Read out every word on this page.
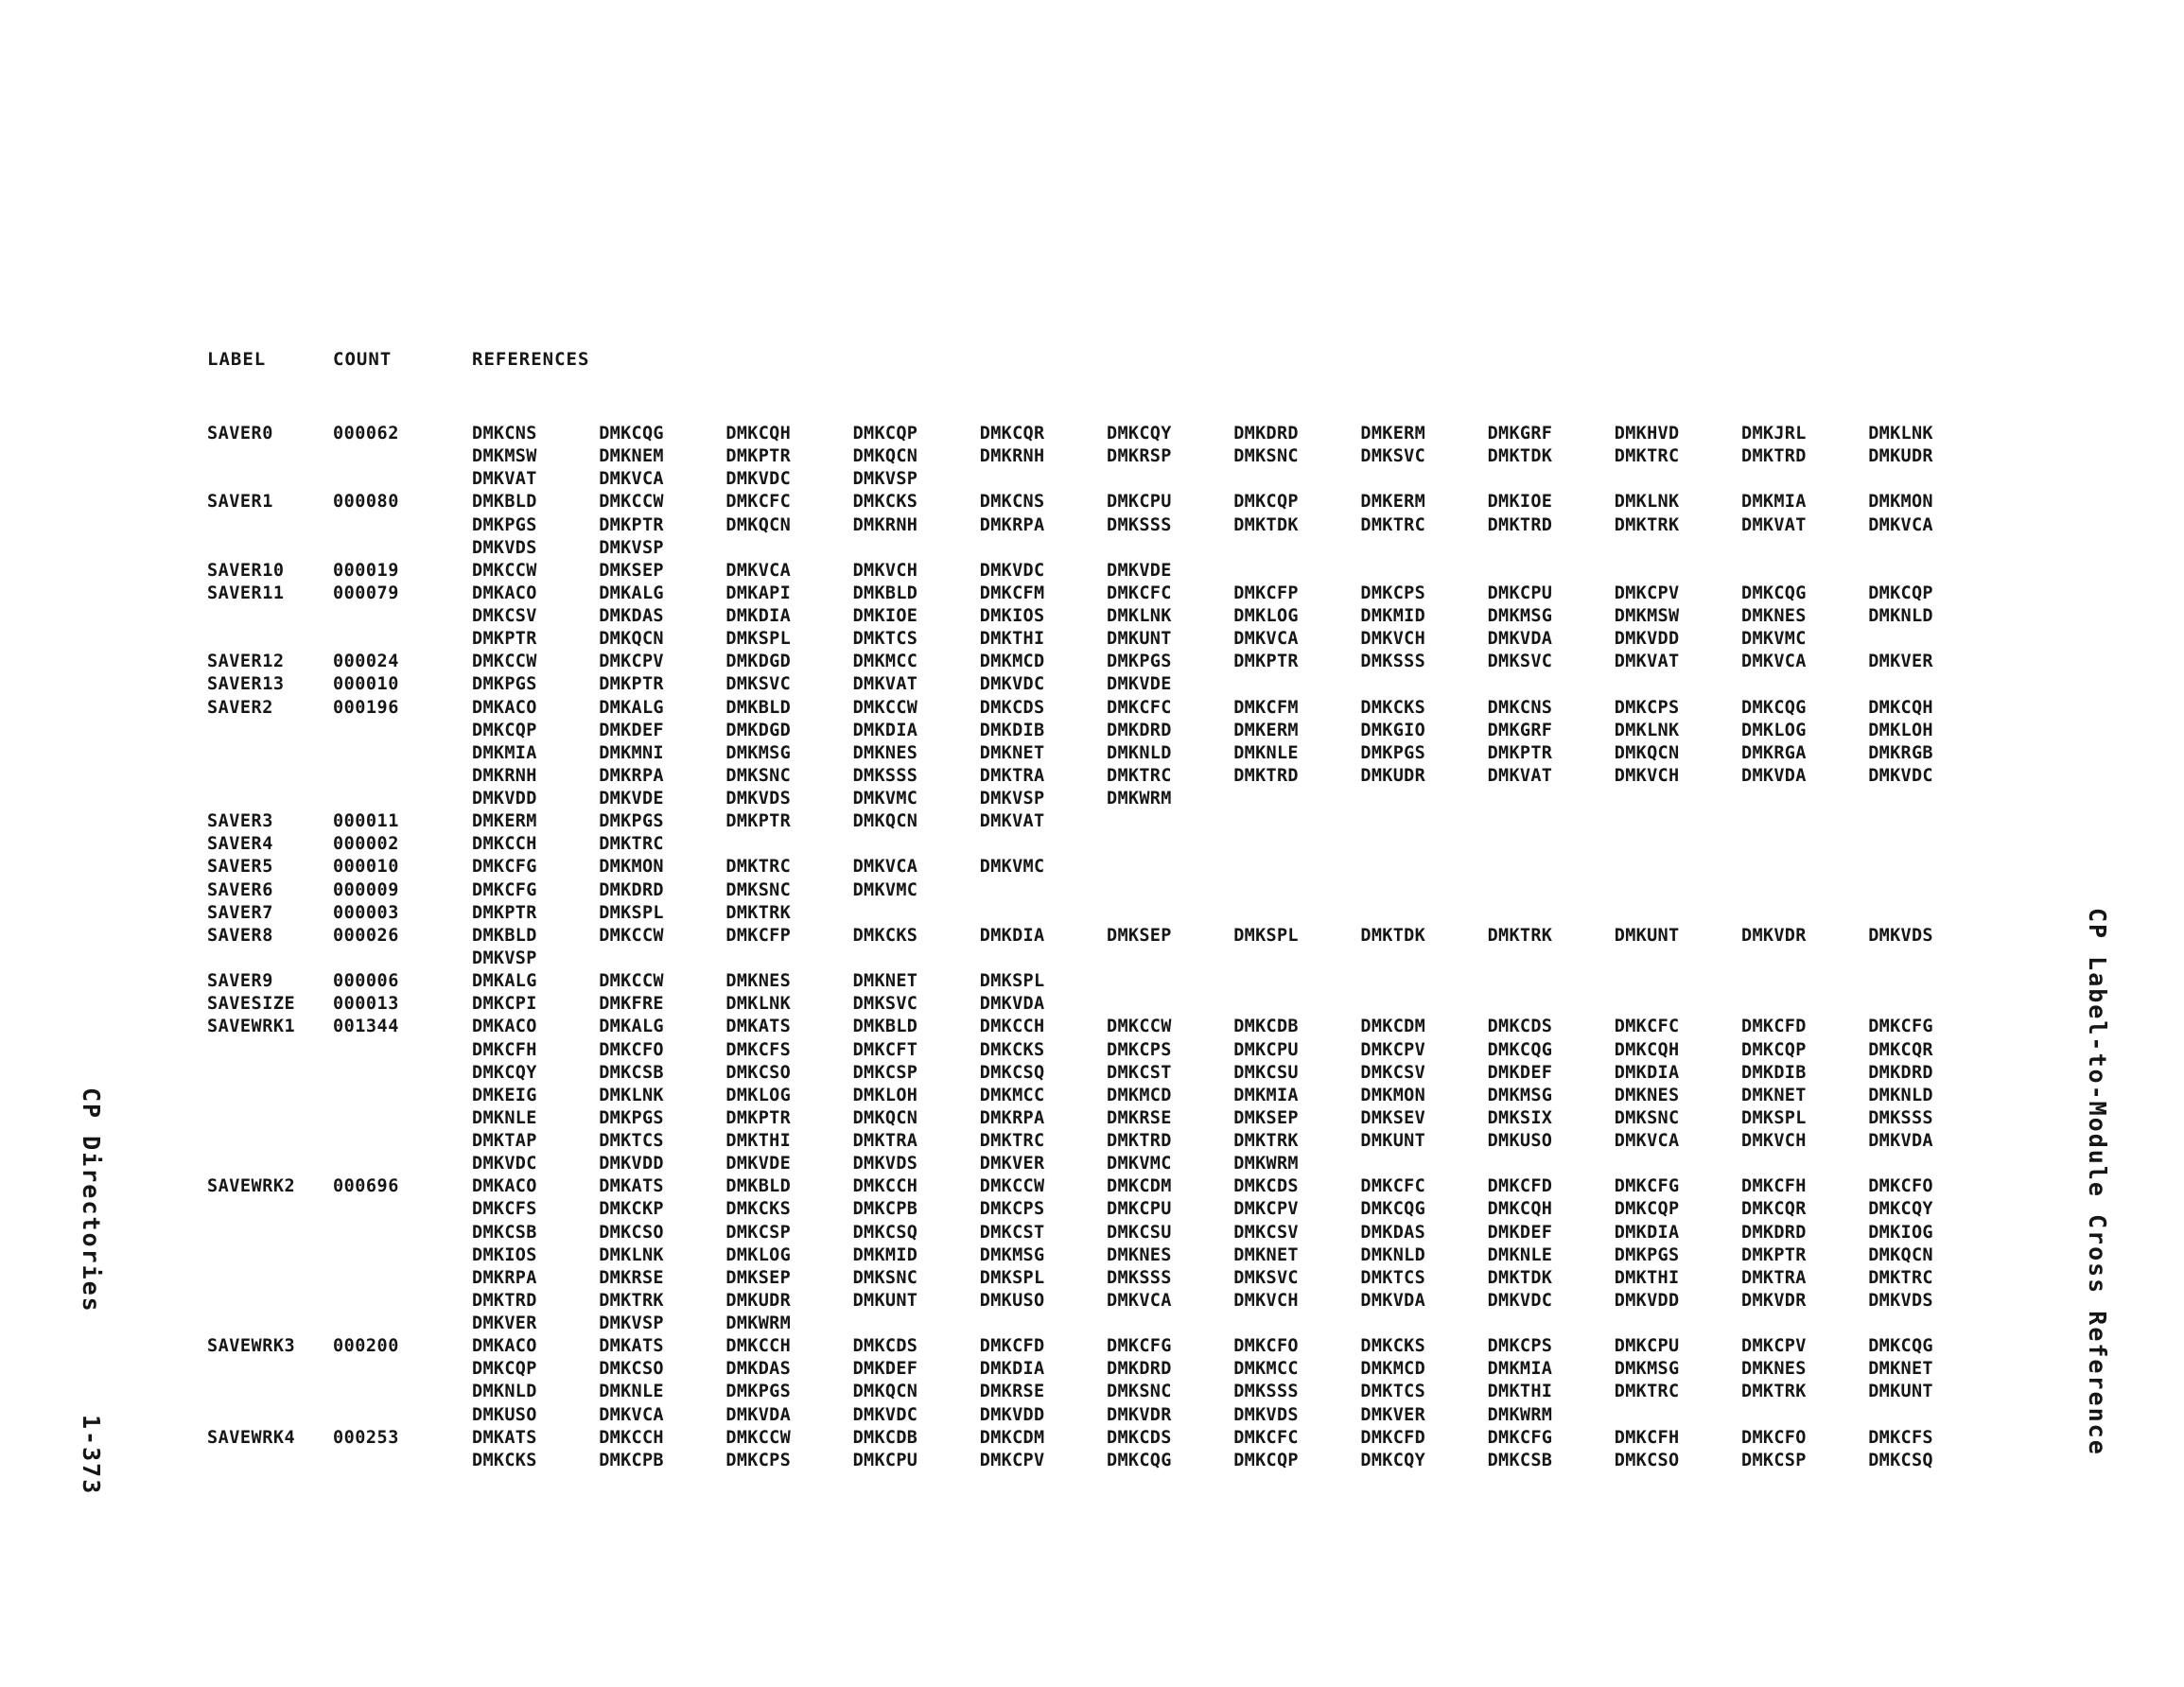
LABEL	COUNT	REFERENCES
SAVER0	000062	DMKCNS	DMKCQG	DMKCQH	DMKCQP	DMKCQR	DMKCQY	DMKDRD	DMKERM	DMKGRF	DMKHVD	DMKJRL	DMKLNK
DMKMSW	DMKNEM	DMKPTR	DMKQCN	DMKRNH	DMKRSP	DMKSNC	DMKSVC	DMKTDK	DMKTRC	DMKTRD	DMKUDR
DMKVAT	DMKVCA	DMKVDC	DMKVSP
SAVER1	000080	DMKBLD	DMKCCW	DMKCFC	DMKCKS	DMKCNS	DMKCPU	DMKCQP	DMKERM	DMKIOE	DMKLNK	DMKMIA	DMKMON
DMKPGS	DMKPTR	DMKQCN	DMKRNH	DMKRPA	DMKSSS	DMKTDK	DMKTRC	DMKTRD	DMKTRK	DMKVAT	DMKVCA
DMKVDS	DMKVSP
SAVER10	000019	DMKCCW	DMKSEP	DMKVCA	DMKVCH	DMKVDC	DMKVDE
SAVER11	000079	DMKACO	DMKALG	DMKAPI	DMKBLD	DMKCFM	DMKCFC	DMKCFP	DMKCPS	DMKCPU	DMKCPV	DMKCQG	DMKCQP
DMKCSV	DMKDAS	DMKDIA	DMKIOE	DMKIOS	DMKLNK	DMKLOG	DMKMID	DMKMSG	DMKMSW	DMKNES	DMKNLD
DMKPTR	DMKQCN	DMKSPL	DMKTCS	DMKTHI	DMKUNT	DMKVCA	DMKVCH	DMKVDA	DMKVDD	DMKVMC
SAVER12	000024	DMKCCW	DMKCPV	DMKDGD	DMKMCC	DMKMCD	DMKPGS	DMKPTR	DMKSSS	DMKSVC	DMKVAT	DMKVCA	DMKVER
SAVER13	000010	DMKPGS	DMKPTR	DMKSVC	DMKVAT	DMKVDC	DMKVDE
SAVER2	000196	DMKACO	DMKALG	DMKBLD	DMKCCW	DMKCDS	DMKCFC	DMKCFM	DMKCKS	DMKCNS	DMKCPS	DMKCQG	DMKCQH
DMKCQP	DMKDEF	DMKDGD	DMKDIA	DMKDIB	DMKDRD	DMKERM	DMKGIO	DMKGRF	DMKLNK	DMKLOG	DMKLOH
DMKMIA	DMKMNI	DMKMSG	DMKNES	DMKNET	DMKNLD	DMKNLE	DMKPGS	DMKPTR	DMKQCN	DMKRGA	DMKRGB
DMKRNH	DMKRPA	DMKSNC	DMKSSS	DMKTRA	DMKTRC	DMKTRD	DMKUDR	DMKVAT	DMKVCH	DMKVDA	DMKVDC
DMKVDD	DMKVDE	DMKVDS	DMKVMC	DMKVSP	DMKWRM
SAVER3	000011	DMKERM	DMKPGS	DMKPTR	DMKQCN	DMKVAT
SAVER4	000002	DMKCCH	DMKTRC
SAVER5	000010	DMKCFG	DMKMON	DMKTRC	DMKVCA	DMKVMC
SAVER6	000009	DMKCFG	DMKDRD	DMKSNC	DMKVMC
SAVER7	000003	DMKPTR	DMKSPL	DMKTRK
SAVER8	000026	DMKBLD	DMKCCW	DMKCFP	DMKCKS	DMKDIA	DMKSEP	DMKSPL	DMKTDK	DMKTRK	DMKUNT	DMKVDR	DMKVDS
DMKVSP
SAVER9	000006	DMKALG	DMKCCW	DMKNES	DMKNET	DMKSPL
SAVESIZE 000013	DMKCPI	DMKFRE	DMKLNK	DMKSVC	DMKVDA
SAVEWRK1 001344	DMKACO	DMKALG	DMKATS	DMKBLD	DMKCCH	DMKCCW	DMKCDB	DMKCDM	DMKCDS	DMKCFC	DMKCFD	DMKCFG
DMKCFH	DMKCFO	DMKCFS	DMKCFT	DMKCKS	DMKCPS	DMKCPU	DMKCPV	DMKCQG	DMKCQH	DMKCQP	DMKCQR
DMKCQY	DMKCSB	DMKCSO	DMKCSP	DMKCSQ	DMKCST	DMKCSU	DMKCSV	DMKDEF	DMKDIA	DMKDIB	DMKDRD
DMKEIG	DMKLNK	DMKLOG	DMKLOH	DMKMCC	DMKMCD	DMKMIA	DMKMON	DMKMSG	DMKNES	DMKNET	DMKNLD
DMKNLE	DMKPGS	DMKPTR	DMKQCN	DMKRPA	DMKRSE	DMKSEP	DMKSEV	DMKSIX	DMKSNC	DMKSPL	DMKSSS
DMKTAP	DMKTCS	DMKTHI	DMKTRA	DMKTRC	DMKTRD	DMKTRK	DMKUNT	DMKUSO	DMKVCA	DMKVCH	DMKVDA
DMKVDC	DMKVDD	DMKVDE	DMKVDS	DMKVER	DMKVMC	DMKWRM
SAVEWRK2 000696	DMKACO	DMKATS	DMKBLD	DMKCCH	DMKCCW	DMKCDM	DMKCDS	DMKCFC	DMKCFD	DMKCFG	DMKCFH	DMKCFO
DMKCFS	DMKCKP	DMKCKS	DMKCPB	DMKCPS	DMKCPU	DMKCPV	DMKCQG	DMKCQH	DMKCQP	DMKCQR	DMKCQY
DMKCSB	DMKCSO	DMKCSP	DMKCSQ	DMKCST	DMKCSU	DMKCSV	DMKDAS	DMKDEF	DMKDIA	DMKDRD	DMKIOG
DMKIOS	DMKLNK	DMKLOG	DMKMID	DMKMSG	DMKNES	DMKNET	DMKNLD	DMKNLE	DMKPGS	DMKPTR	DMKQCN
DMKRPA	DMKRSE	DMKSEP	DMKSNC	DMKSPL	DMKSSS	DMKSVC	DMKTCS	DMKTDK	DMKTHI	DMKTRA	DMKTRC
DMKTRD	DMKTRK	DMKUDR	DMKUNT	DMKUSO	DMKVCA	DMKVCH	DMKVDA	DMKVDC	DMKVDD	DMKVDR	DMKVDS
DMKVER	DMKVSP	DMKWRM
SAVEWRK3 000200	DMKACO	DMKATS	DMKCCH	DMKCDS	DMKCFD	DMKCFG	DMKCFO	DMKCKS	DMKCPS	DMKCPU	DMKCPV	DMKCQG
DMKCQP	DMKCSO	DMKDAS	DMKDEF	DMKDIA	DMKDRD	DMKMCC	DMKMCD	DMKMIA	DMKMSG	DMKNES	DMKNET
DMKNLD	DMKNLE	DMKPGS	DMKQCN	DMKRSE	DMKSNC	DMKSSS	DMKTCS	DMKTHI	DMKTRC	DMKTRK	DMKUNT
DMKUSO	DMKVCA	DMKVDA	DMKVDC	DMKVDD	DMKVDR	DMKVDS	DMKVER	DMKWRM
SAVEWRK4 000253	DMKATS	DMKCCH	DMKCCW	DMKCDB	DMKCDM	DMKCDS	DMKCFC	DMKCFD	DMKCFG	DMKCFH	DMKCFO	DMKCFS
DMKCKS	DMKCPB	DMKCPS	DMKCPU	DMKCPV	DMKCQG	DMKCQP	DMKCQY	DMKCSB	DMKCSO	DMKCSP	DMKCSQ
CP Label-to-Module Cross Reference
CP Directories 1-373
